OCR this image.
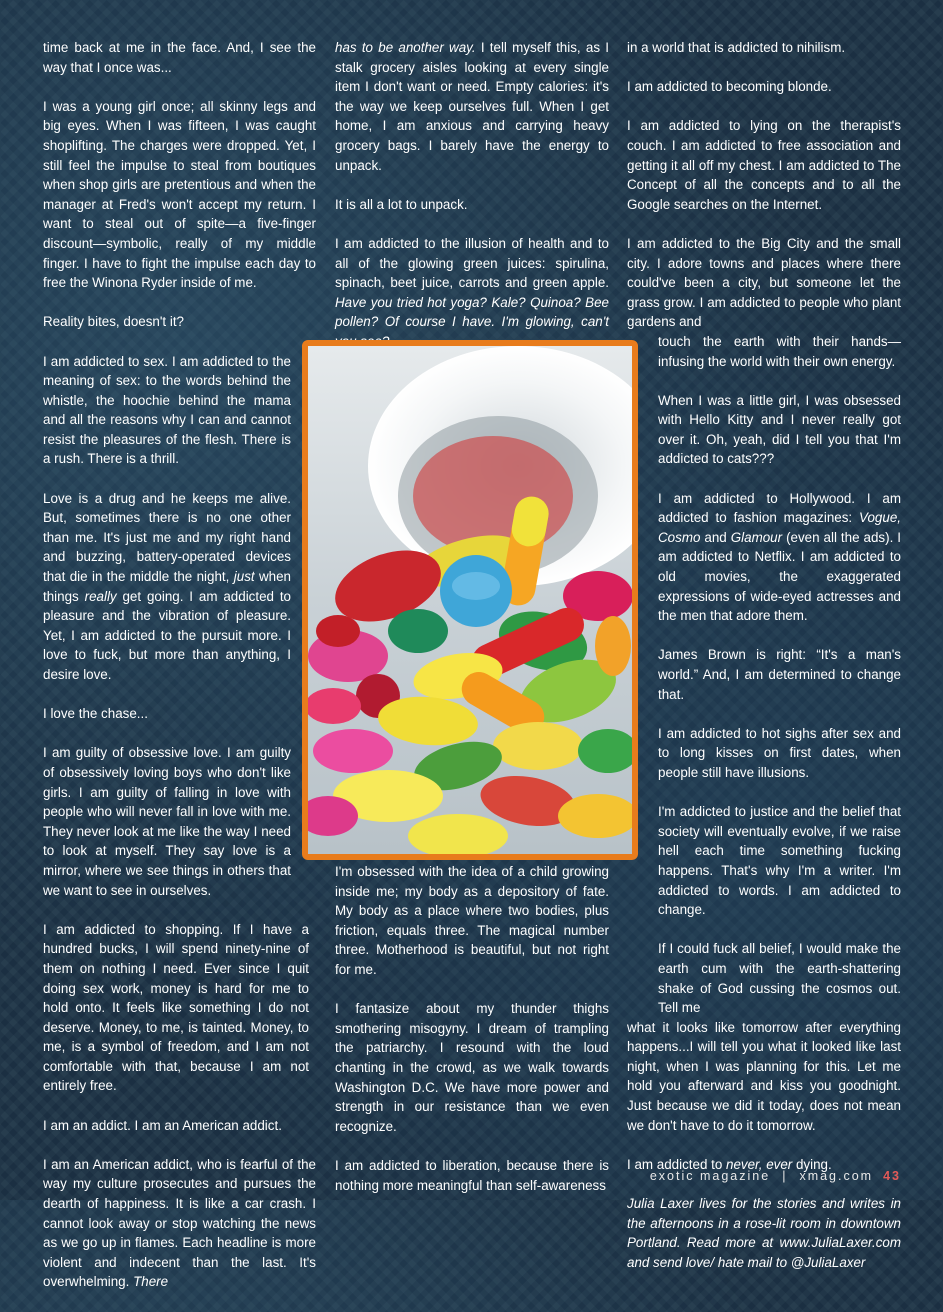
time back at me in the face. And, I see the way that I once was...

I was a young girl once; all skinny legs and big eyes. When I was fifteen, I was caught shoplifting. The charges were dropped. Yet, I still feel the impulse to steal from boutiques when shop girls are pretentious and when the manager at Fred's won't accept my return. I want to steal out of spite—a five-finger discount—symbolic, really of my middle finger. I have to fight the impulse each day to free the Winona Ryder inside of me.

Reality bites, doesn't it?

I am addicted to sex. I am addicted to the meaning of sex: to the words behind the whistle, the hoochie behind the mama and all the reasons why I can and cannot resist the pleasures of the flesh. There is a rush. There is a thrill.

Love is a drug and he keeps me alive. But, sometimes there is no one other than me. It's just me and my right hand and buzzing, battery-operated devices that die in the middle the night, just when things really get going. I am addicted to pleasure and the vibration of pleasure. Yet, I am addicted to the pursuit more. I love to fuck, but more than anything, I desire love.

I love the chase...

I am guilty of obsessive love. I am guilty of obsessively loving boys who don't like girls. I am guilty of falling in love with people who will never fall in love with me. They never look at me like the way I need to look at myself. They say love is a mirror, where we see things in others that we want to see in ourselves.

I am addicted to shopping. If I have a hundred bucks, I will spend ninety-nine of them on nothing I need. Ever since I quit doing sex work, money is hard for me to hold onto. It feels like something I do not deserve. Money, to me, is tainted. Money, to me, is a symbol of freedom, and I am not comfortable with that, because I am not entirely free.

I am an addict. I am an American addict.

I am an American addict, who is fearful of the way my culture prosecutes and pursues the dearth of happiness. It is like a car crash. I cannot look away or stop watching the news as we go up in flames. Each headline is more violent and indecent than the last. It's overwhelming. There

has to be another way. I tell myself this, as I stalk grocery aisles looking at every single item I don't want or need. Empty calories: it's the way we keep ourselves full. When I get home, I am anxious and carrying heavy grocery bags. I barely have the energy to unpack.

It is all a lot to unpack.

I am addicted to the illusion of health and to all of the glowing green juices: spirulina, spinach, beet juice, carrots and green apple. Have you tried hot yoga? Kale? Quinoa? Bee pollen? Of course I have. I'm glowing, can't

I'm obsessed with the idea of a child growing inside me; my body as a depository of fate. My body as a place where two bodies, plus friction, equals three. The magical number three. Motherhood is beautiful, but not right for me.

I fantasize about my thunder thighs smothering misogyny. I dream of trampling the patriarchy. I resound with the loud chanting in the crowd, as we walk towards Washington D.C. We have more power and strength in our resistance than we even recognize.

I am addicted to liberation, because there is nothing more meaningful than self-awareness

in a world that is addicted to nihilism.

I am addicted to becoming blonde.

I am addicted to lying on the therapist's couch. I am addicted to free association and getting it all off my chest. I am addicted to The Concept of all the concepts and to all the Google searches on the Internet.

I am addicted to the Big City and the small city. I adore towns and places where there could've been a city, but someone let the grass grow. I am addicted to people who plant gardens and

touch the earth with their hands—infusing the world with their own energy.

When I was a little girl, I was obsessed with Hello Kitty and I never really got over it. Oh, yeah, did I tell you that I'm addicted to cats???

I am addicted to Hollywood. I am addicted to fashion magazines: Vogue, Cosmo and Glamour (even all the ads). I am addicted to Netflix. I am addicted to old movies, the exaggerated expressions of wide-eyed actresses and the men that adore them.

James Brown is right: “It's a man's world.” And, I am determined to change that.

I am addicted to hot sighs after sex and to long kisses on first dates, when people still have illusions.

I'm addicted to justice and the belief that society will eventually evolve, if we raise hell each time something fucking happens. That's why I'm a writer. I'm addicted to words. I am addicted to change.

If I could fuck all belief, I would make the earth cum with the earth-shattering shake of God cussing the cosmos out. Tell me

what it looks like tomorrow after everything happens...I will tell you what it looked like last night, when I was planning for this. Let me hold you afterward and kiss you goodnight. Just because we did it today, does not mean we don't have to do it tomorrow.

I am addicted to never, ever dying.

Julia Laxer lives for the stories and writes in the afternoons in a rose-lit room in downtown Portland. Read more at www.JuliaLaxer.com and send love/ hate mail to @JuliaLaxer

exotic magazine | xmag.com 43
